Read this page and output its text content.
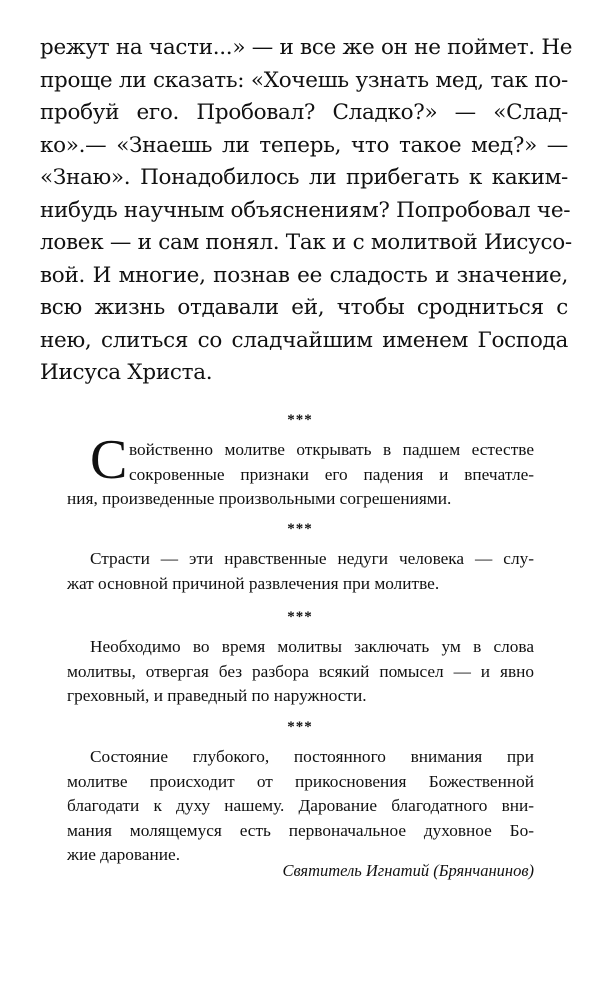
режут на части...» — и все же он не поймет. Не
проще ли сказать: «Хочешь узнать мед, так по-
пробуй его. Пробовал? Сладко?» — «Слад-
ко».— «Знаешь ли теперь, что такое мед?» —
«Знаю». Понадобилось ли прибегать к каким-
нибудь научным объяснениям? Попробовал че-
ловек — и сам понял. Так и с молитвой Иисусо-
вой. И многие, познав ее сладость и значение,
всю жизнь отдавали ей, чтобы сродниться с
нею, слиться со сладчайшим именем Господа
Иисуса Христа.
***
С войственно молитве открывать в падшем естестве
сокровенные признаки его падения и впечатле-
ния, произведенные произвольными согрешениями.
***
Страсти — эти нравственные недуги человека — слу-
жат основной причиной развлечения при молитве.
***
Необходимо во время молитвы заключать ум в слова
молитвы, отвергая без разбора всякий помысел — и явно
греховный, и праведный по наружности.
***
Состояние глубокого, постоянного внимания при
молитве происходит от прикосновения Божественной
благодати к духу нашему. Дарование благодатного вни-
мания молящемуся есть первоначальное духовное Бо-
жие дарование.
Святитель Игнатий (Брянчанинов)
